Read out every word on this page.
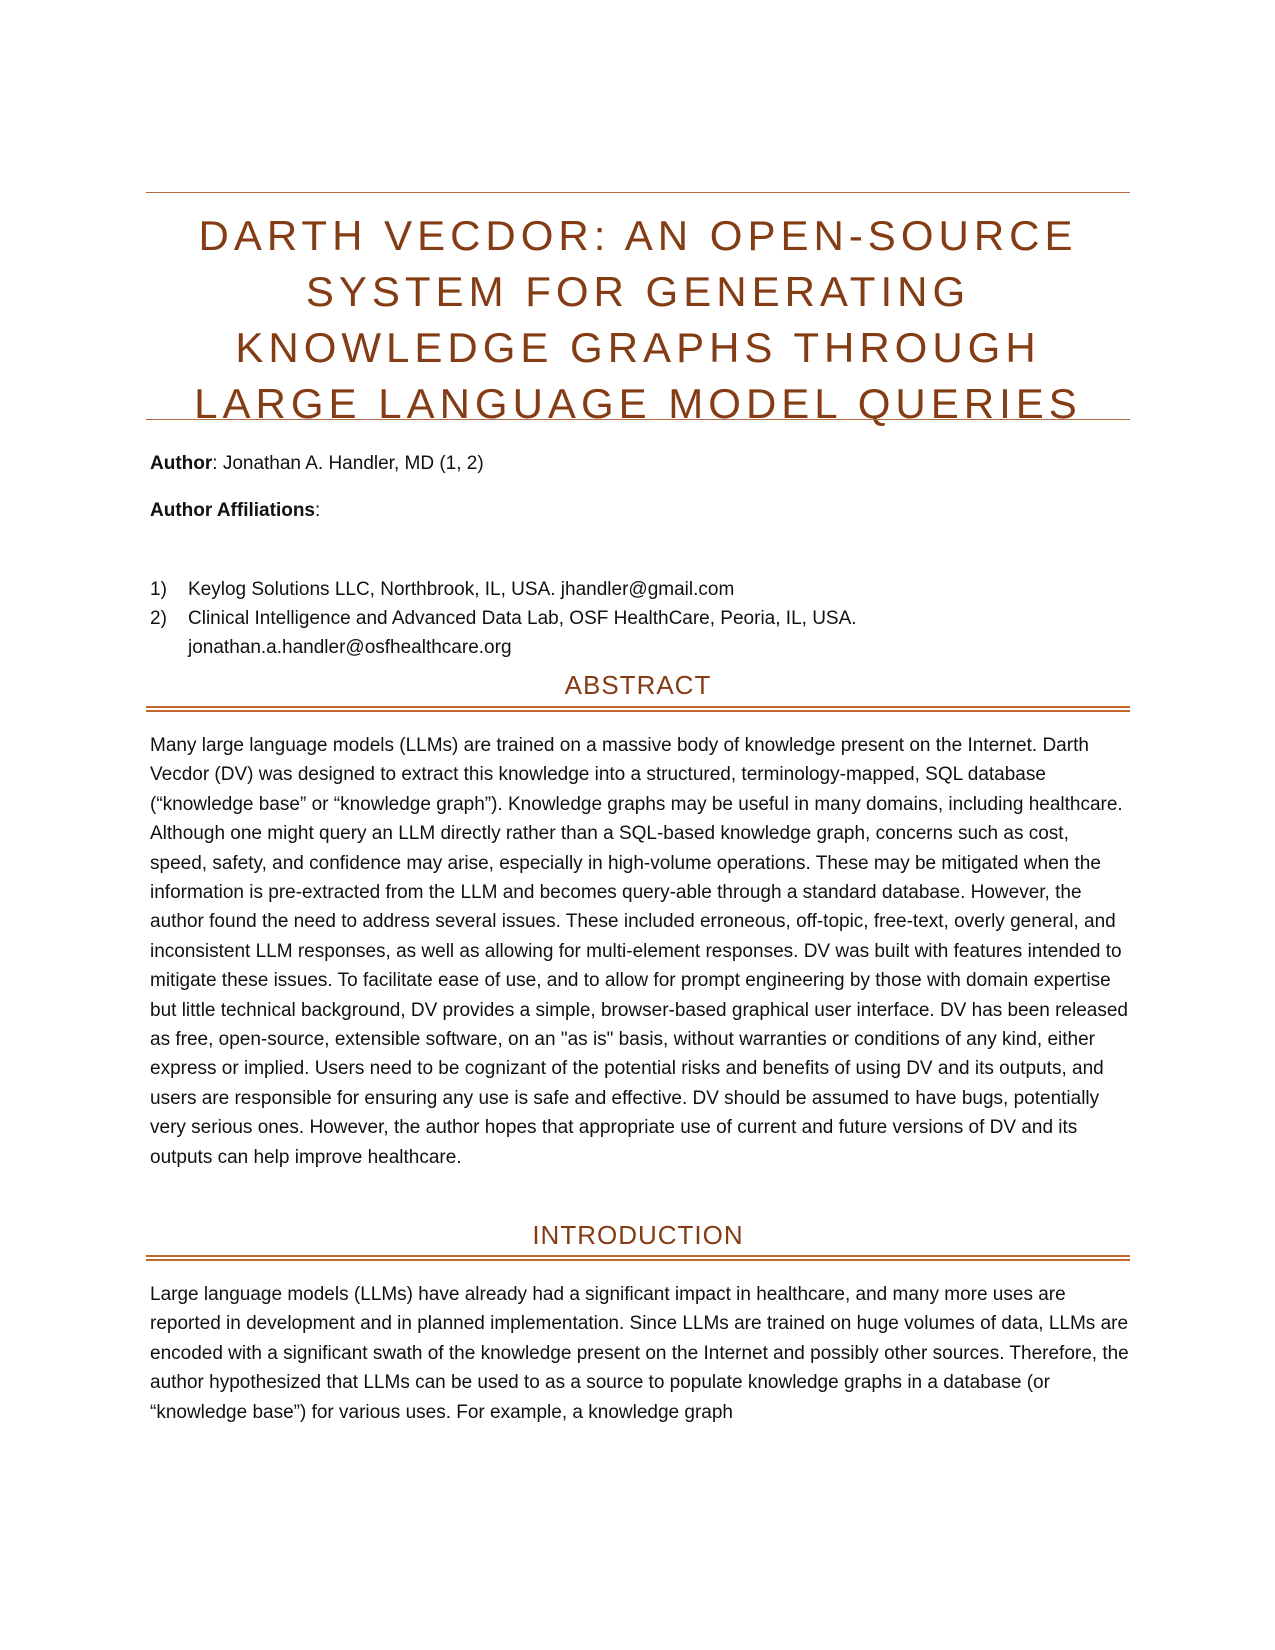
DARTH VECDOR: AN OPEN-SOURCE SYSTEM FOR GENERATING KNOWLEDGE GRAPHS THROUGH LARGE LANGUAGE MODEL QUERIES

Author: Jonathan A. Handler, MD (1, 2)

Author Affiliations:

1) Keylog Solutions LLC, Northbrook, IL, USA. jhandler@gmail.com
2) Clinical Intelligence and Advanced Data Lab, OSF HealthCare, Peoria, IL, USA. jonathan.a.handler@osfhealthcare.org
ABSTRACT

Many large language models (LLMs) are trained on a massive body of knowledge present on the Internet. Darth Vecdor (DV) was designed to extract this knowledge into a structured, terminology-mapped, SQL database (“knowledge base” or “knowledge graph”). Knowledge graphs may be useful in many domains, including healthcare. Although one might query an LLM directly rather than a SQL-based knowledge graph, concerns such as cost, speed, safety, and confidence may arise, especially in high-volume operations. These may be mitigated when the information is pre-extracted from the LLM and becomes query-able through a standard database. However, the author found the need to address several issues. These included erroneous, off-topic, free-text, overly general, and inconsistent LLM responses, as well as allowing for multi-element responses. DV was built with features intended to mitigate these issues. To facilitate ease of use, and to allow for prompt engineering by those with domain expertise but little technical background, DV provides a simple, browser-based graphical user interface. DV has been released as free, open-source, extensible software, on an "as is" basis, without warranties or conditions of any kind, either express or implied. Users need to be cognizant of the potential risks and benefits of using DV and its outputs, and users are responsible for ensuring any use is safe and effective. DV should be assumed to have bugs, potentially very serious ones. However, the author hopes that appropriate use of current and future versions of DV and its outputs can help improve healthcare.

INTRODUCTION

Large language models (LLMs) have already had a significant impact in healthcare, and many more uses are reported in development and in planned implementation. Since LLMs are trained on huge volumes of data, LLMs are encoded with a significant swath of the knowledge present on the Internet and possibly other sources. Therefore, the author hypothesized that LLMs can be used to as a source to populate knowledge graphs in a database (or “knowledge base”) for various uses. For example, a knowledge graph
